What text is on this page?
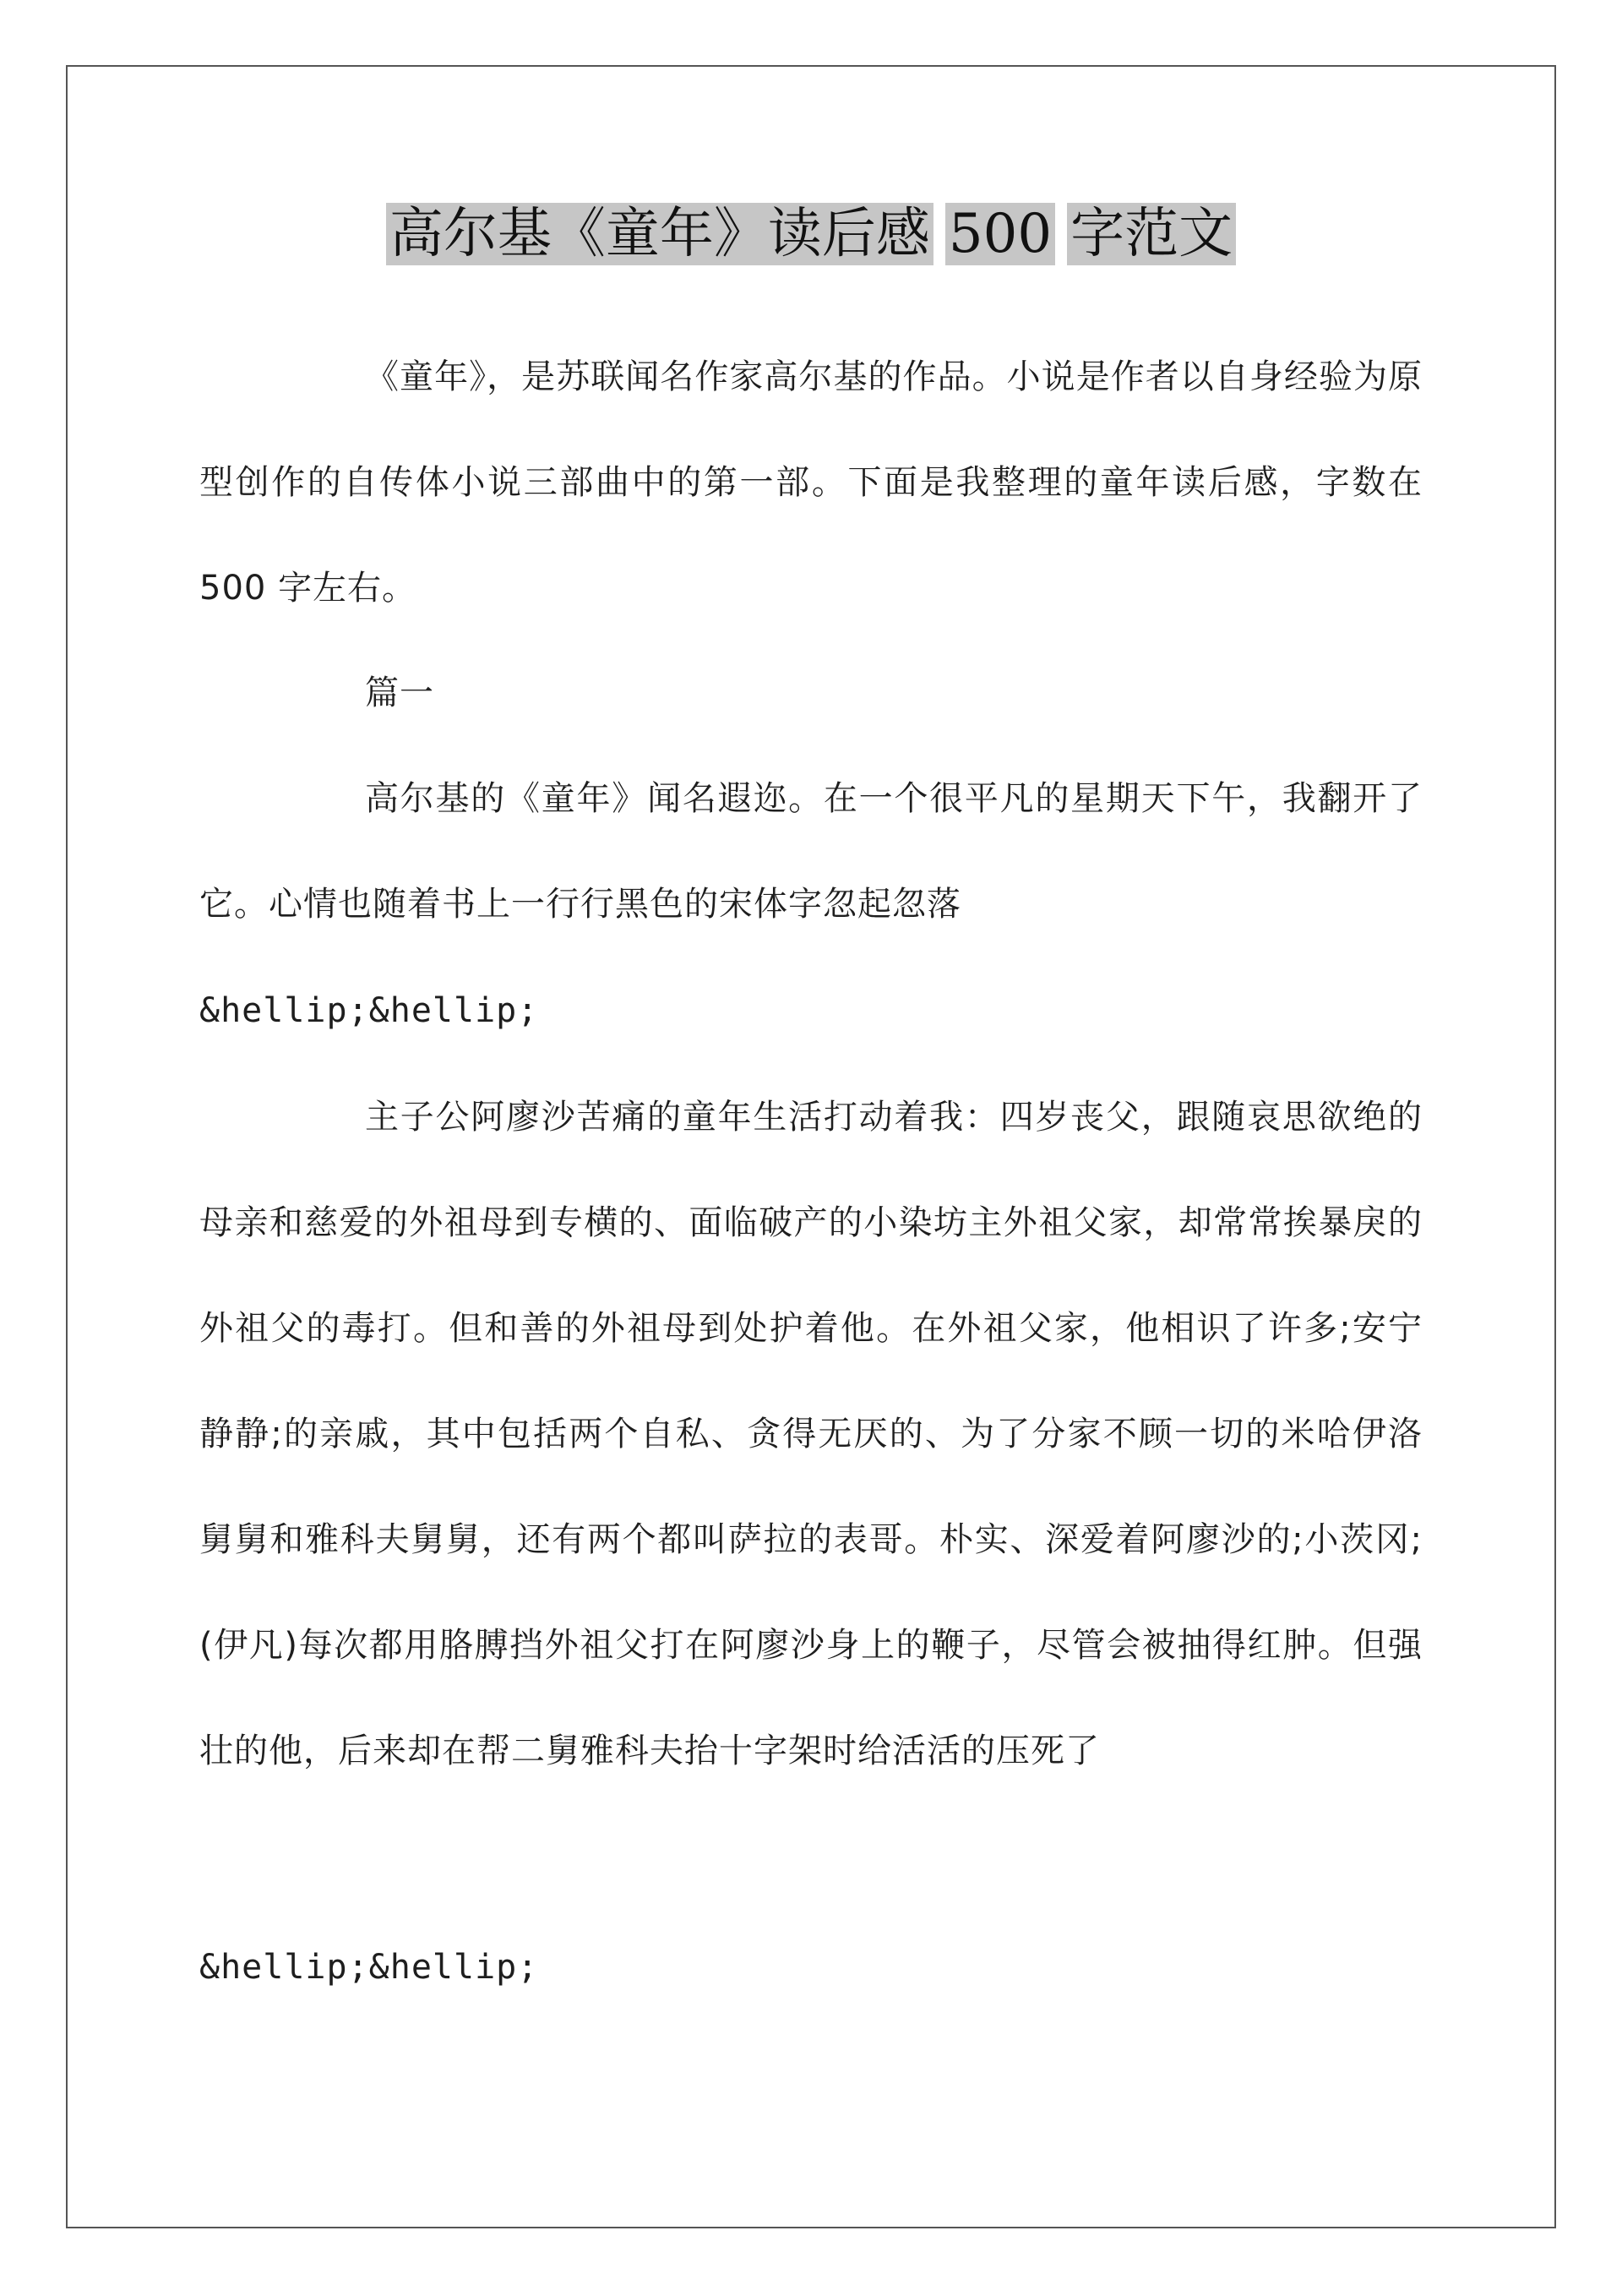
高尔基《童年》读后感 500 字范文

《童年》，是苏联闻名作家高尔基的作品。小说是作者以自身经验为原型创作的自传体小说三部曲中的第一部。下面是我整理的童年读后感，字数在 500 字左右。

篇一

高尔基的《童年》闻名遐迩。在一个很平凡的星期天下午，我翻开了它。心情也随着书上一行行黑色的宋体字忽起忽落

&hellip;&hellip;

主子公阿廖沙苦痛的童年生活打动着我：四岁丧父，跟随哀思欲绝的母亲和慈爱的外祖母到专横的、面临破产的小染坊主外祖父家，却常常挨暴戾的外祖父的毒打。但和善的外祖母到处护着他。在外祖父家，他相识了许多;安宁静静;的亲戚，其中包括两个自私、贪得无厌的、为了分家不顾一切的米哈伊洛舅舅和雅科夫舅舅，还有两个都叫萨拉的表哥。朴实、深爱着阿廖沙的;小茨冈;(伊凡)每次都用胳膊挡外祖父打在阿廖沙身上的鞭子，尽管会被抽得红肿。但强壮的他，后来却在帮二舅雅科夫抬十字架时给活活的压死了

&hellip;&hellip;
